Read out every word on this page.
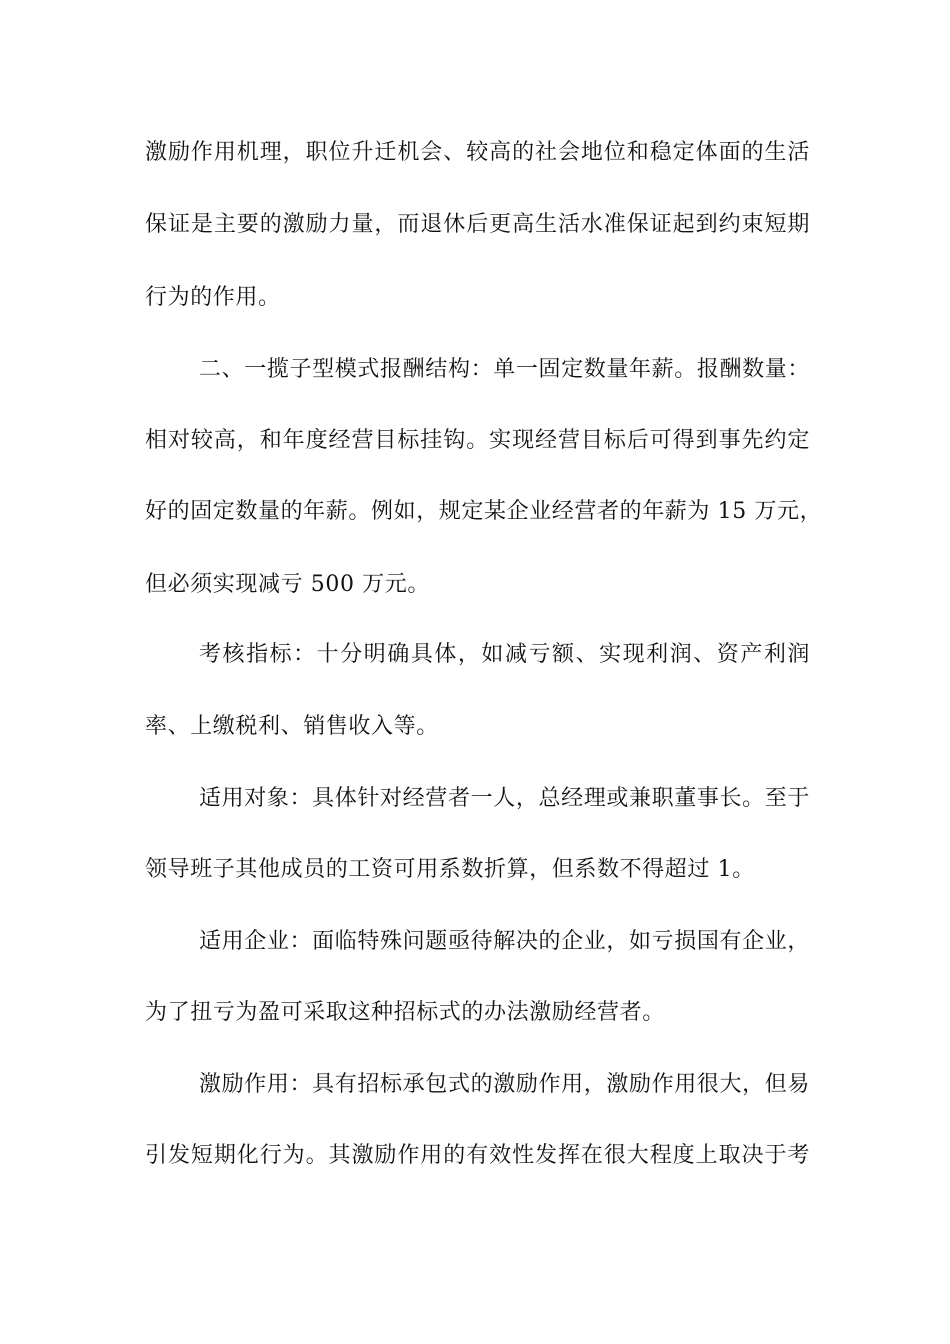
激励作用机理，职位升迁机会、较高的社会地位和稳定体面的生活
保证是主要的激励力量，而退休后更高生活水准保证起到约束短期
行为的作用。
二、一揽子型模式报酬结构：单一固定数量年薪。报酬数量：
相对较高，和年度经营目标挂钩。实现经营目标后可得到事先约定
好的固定数量的年薪。例如，规定某企业经营者的年薪为 15 万元，
但必须实现减亏 500 万元。
考核指标：十分明确具体，如减亏额、实现利润、资产利润
率、上缴税利、销售收入等。
适用对象：具体针对经营者一人，总经理或兼职董事长。至于
领导班子其他成员的工资可用系数折算，但系数不得超过 1。
适用企业：面临特殊问题亟待解决的企业，如亏损国有企业，
为了扭亏为盈可采取这种招标式的办法激励经营者。
激励作用：具有招标承包式的激励作用，激励作用很大，但易
引发短期化行为。其激励作用的有效性发挥在很大程度上取决于考
